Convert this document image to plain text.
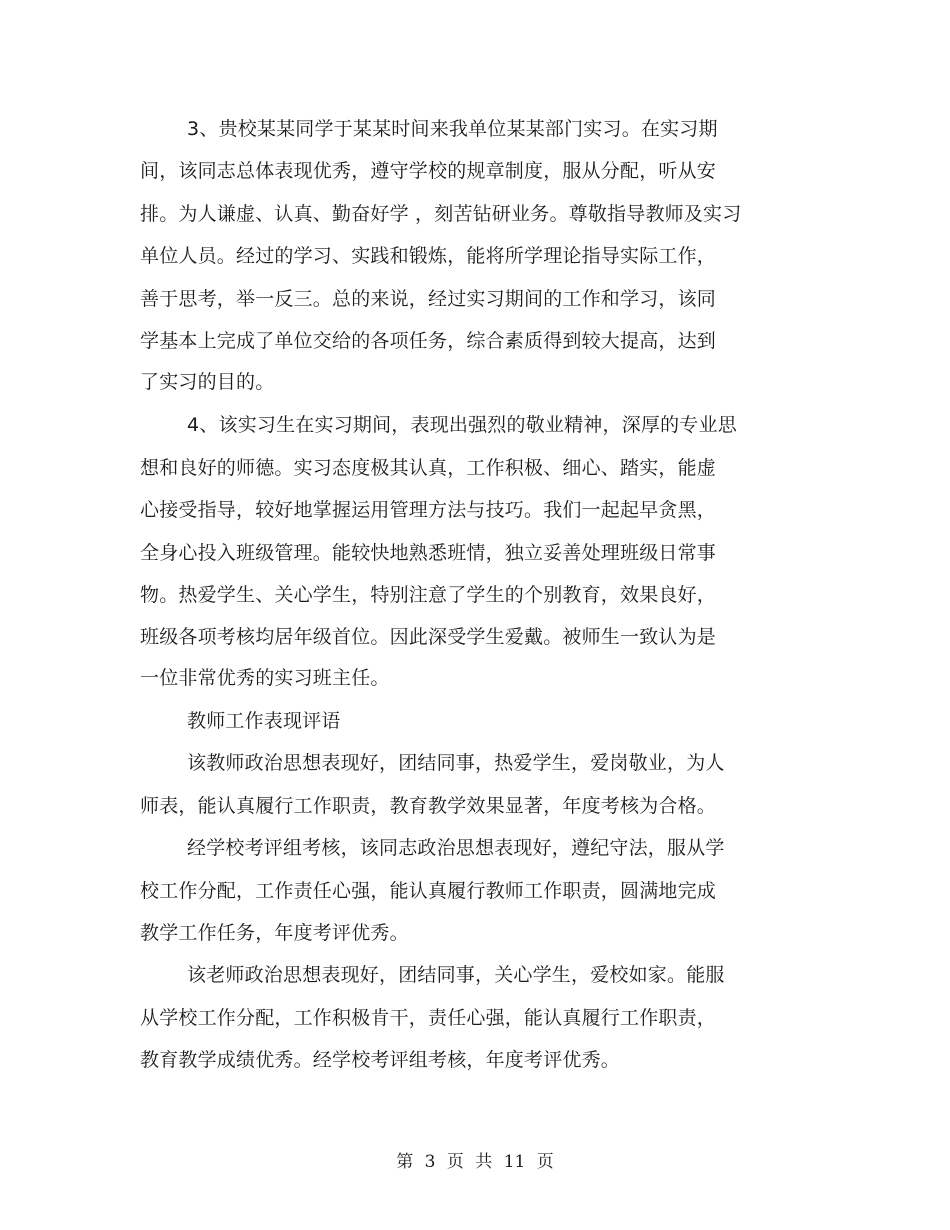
3、贵校某某同学于某某时间来我单位某某部门实习。在实习期
间，该同志总体表现优秀，遵守学校的规章制度，服从分配，听从安
排。为人谦虚、认真、勤奋好学 ，刻苦钻研业务。尊敬指导教师及实习
单位人员。经过的学习、实践和锻炼，能将所学理论指导实际工作，
善于思考，举一反三。总的来说，经过实习期间的工作和学习，该同
学基本上完成了单位交给的各项任务，综合素质得到较大提高，达到
了实习的目的。
4、该实习生在实习期间，表现出强烈的敬业精神，深厚的专业思
想和良好的师德。实习态度极其认真，工作积极、细心、踏实，能虚
心接受指导，较好地掌握运用管理方法与技巧。我们一起起早贪黑，
全身心投入班级管理。能较快地熟悉班情，独立妥善处理班级日常事
物。热爱学生、关心学生，特别注意了学生的个别教育，效果良好，
班级各项考核均居年级首位。因此深受学生爱戴。被师生一致认为是
一位非常优秀的实习班主任。
教师工作表现评语
该教师政治思想表现好，团结同事，热爱学生，爱岗敬业，为人
师表，能认真履行工作职责，教育教学效果显著，年度考核为合格。
经学校考评组考核，该同志政治思想表现好，遵纪守法，服从学
校工作分配，工作责任心强，能认真履行教师工作职责，圆满地完成
教学工作任务，年度考评优秀。
该老师政治思想表现好，团结同事，关心学生，爱校如家。能服
从学校工作分配，工作积极肯干，责任心强，能认真履行工作职责，
教育教学成绩优秀。经学校考评组考核，年度考评优秀。
第 3 页 共 11 页
